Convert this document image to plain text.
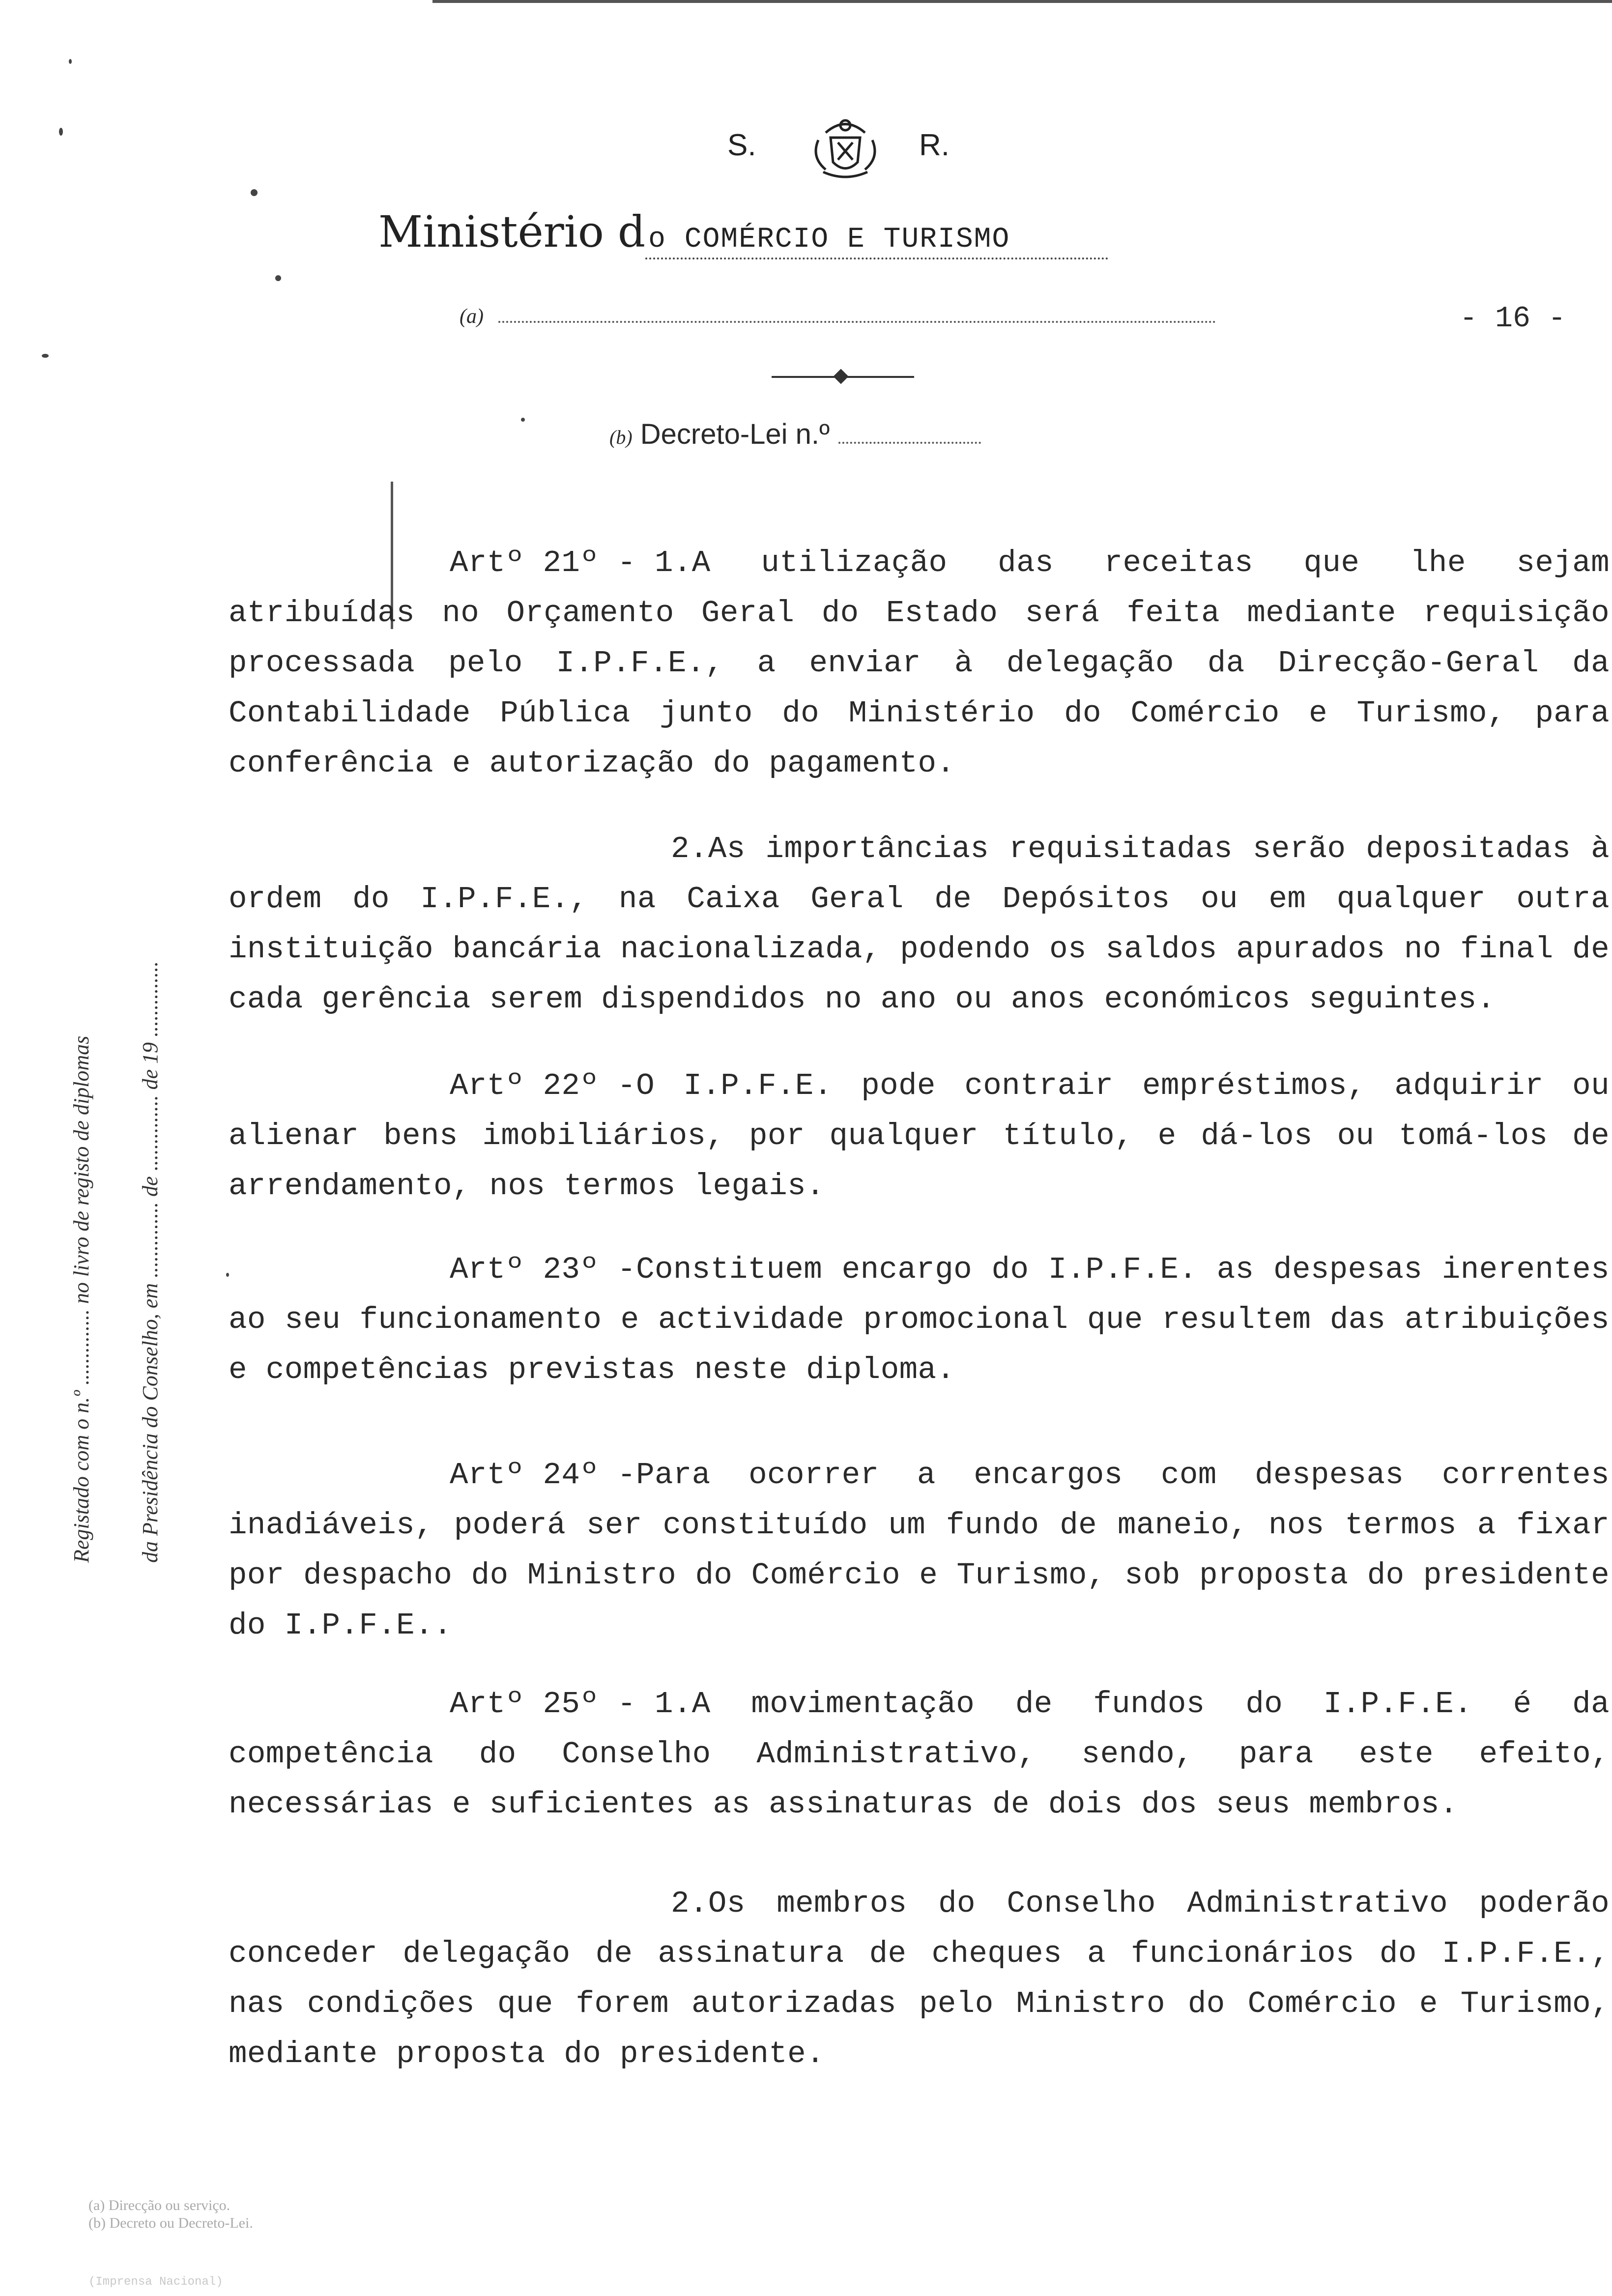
S.	R.
Ministério d o COMÉRCIO E TURISMO
(a)	- 16 -
(b) Decreto-Lei n.º
Registado com o n.º .............. no livro de registo de diplomas	da Presidência do Conselho, em .............. de .............. de 19 ..............

Artº 21º - 1.A utilização das receitas que lhe sejam atribuídas no Orçamento Geral do Estado será feita mediante requisição processada pelo I.P.F.E., a enviar à delegação da Direcção-Geral da Contabilidade Pública junto do Ministério do Comércio e Turismo, para conferência e autorização do pagamento.

2.As importâncias requisitadas serão depositadas à ordem do I.P.F.E., na Caixa Geral de Depósitos ou em qualquer outra instituição bancária nacionalizada, podendo os saldos apurados no final de cada gerência serem dispendidos no ano ou anos económicos seguintes.

Artº 22º -O I.P.F.E. pode contrair empréstimos, adquirir ou alienar bens imobiliários, por qualquer título, e dá-los ou tomá-los de arrendamento, nos termos legais.

Artº 23º -Constituem encargo do I.P.F.E. as despesas inerentes ao seu funcionamento e actividade promocional que resultem das atribuições e competências previstas neste diploma.

Artº 24º -Para ocorrer a encargos com despesas correntes inadiáveis, poderá ser constituído um fundo de maneio, nos termos a fixar por despacho do Ministro do Comércio e Turismo, sob proposta do presidente do I.P.F.E..

Artº 25º - 1.A movimentação de fundos do I.P.F.E. é da competência do Conselho Administrativo, sendo, para este efeito, necessárias e suficientes as assinaturas de dois dos seus membros.

2.Os membros do Conselho Administrativo poderão conceder delegação de assinatura de cheques a funcionários do I.P.F.E., nas condições que forem autorizadas pelo Ministro do Comércio e Turismo, mediante proposta do presidente.

(a) Direcção ou serviço.
(b) Decreto ou Decreto-Lei.
(Imprensa Nacional)
